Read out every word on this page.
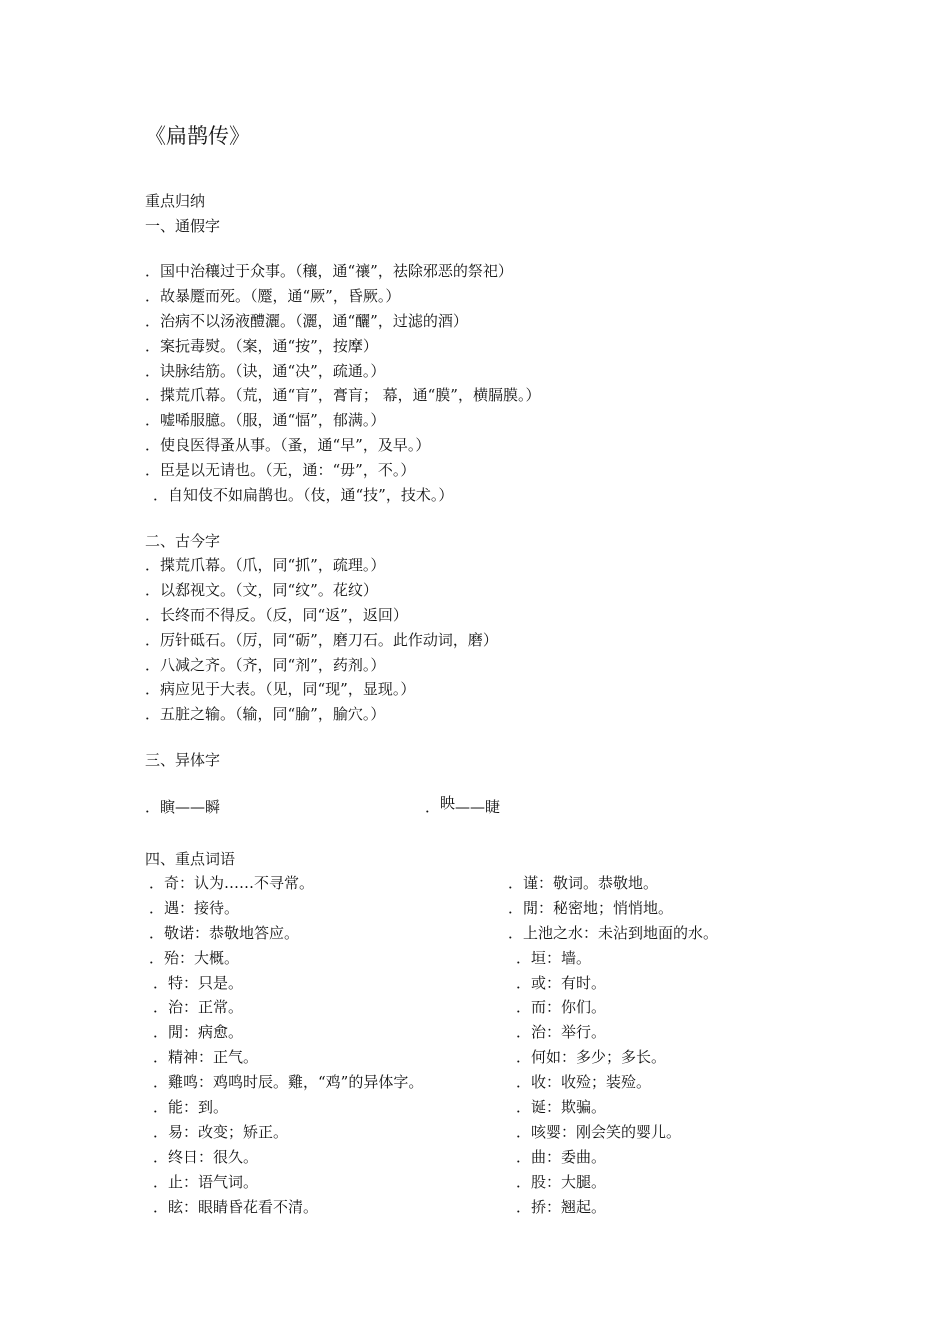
《扁鹊传》
重点归纳
一、通假字
．国中治穰过于众事。（穰，通“禳”，祛除邪恶的祭祀）
．故暴蹷而死。（蹷，通“厥”，昏厥。）
．治病不以汤液醴灑。（灑，通“釃”，过滤的酒）
．案抏毒熨。（案，通“按”，按摩）
．诀脉结筋。（诀，通“决”，疏通。）
．揲荒爪幕。（荒，通“肓”，膏肓； 幕，通“膜”，横膈膜。）
．嘘唏服臆。（服，通“愊”，郁满。）
．使良医得蚤从事。（蚤，通“早”，及早。）
．臣是以无请也。（无，通：“毋”，不。）
．自知伎不如扁鹊也。（伎，通“技”，技术。）
二、古今字
．揲荒爪幕。（爪，同“抓”，疏理。）
．以郄视文。（文，同“纹”。花纹）
．长终而不得反。（反，同“返”，返回）
．厉针砥石。（厉，同“砺”，磨刀石。此作动词，磨）
．八减之齐。（齐，同“剂”，药剂。）
．病应见于大表。（见，同“现”，显现。）
．五脏之输。（输，同“腧”，腧穴。）
三、异体字
．瞚——瞬	．眏——睫
四、重点词语
．奇：认为……不寻常。
．遇：接待。
．敬诺：恭敬地答应。
．殆：大概。
．特：只是。
．治：正常。
．閒：病愈。
．精神：正气。
．雞鸣：鸡鸣时辰。雞，“鸡”的异体字。
．能：到。
．易：改变；矫正。
．终日：很久。
．止：语气词。
．眩：眼睛昏花看不清。
．谨：敬词。恭敬地。
．閒：秘密地；悄悄地。
．上池之水：未沾到地面的水。
．垣：墙。
．或：有时。
．而：你们。
．治：举行。
．何如：多少；多长。
．收：收殓；装殓。
．诞：欺骗。
．咳婴：刚会笑的婴儿。
．曲：委曲。
．股：大腿。
．挢：翘起。
